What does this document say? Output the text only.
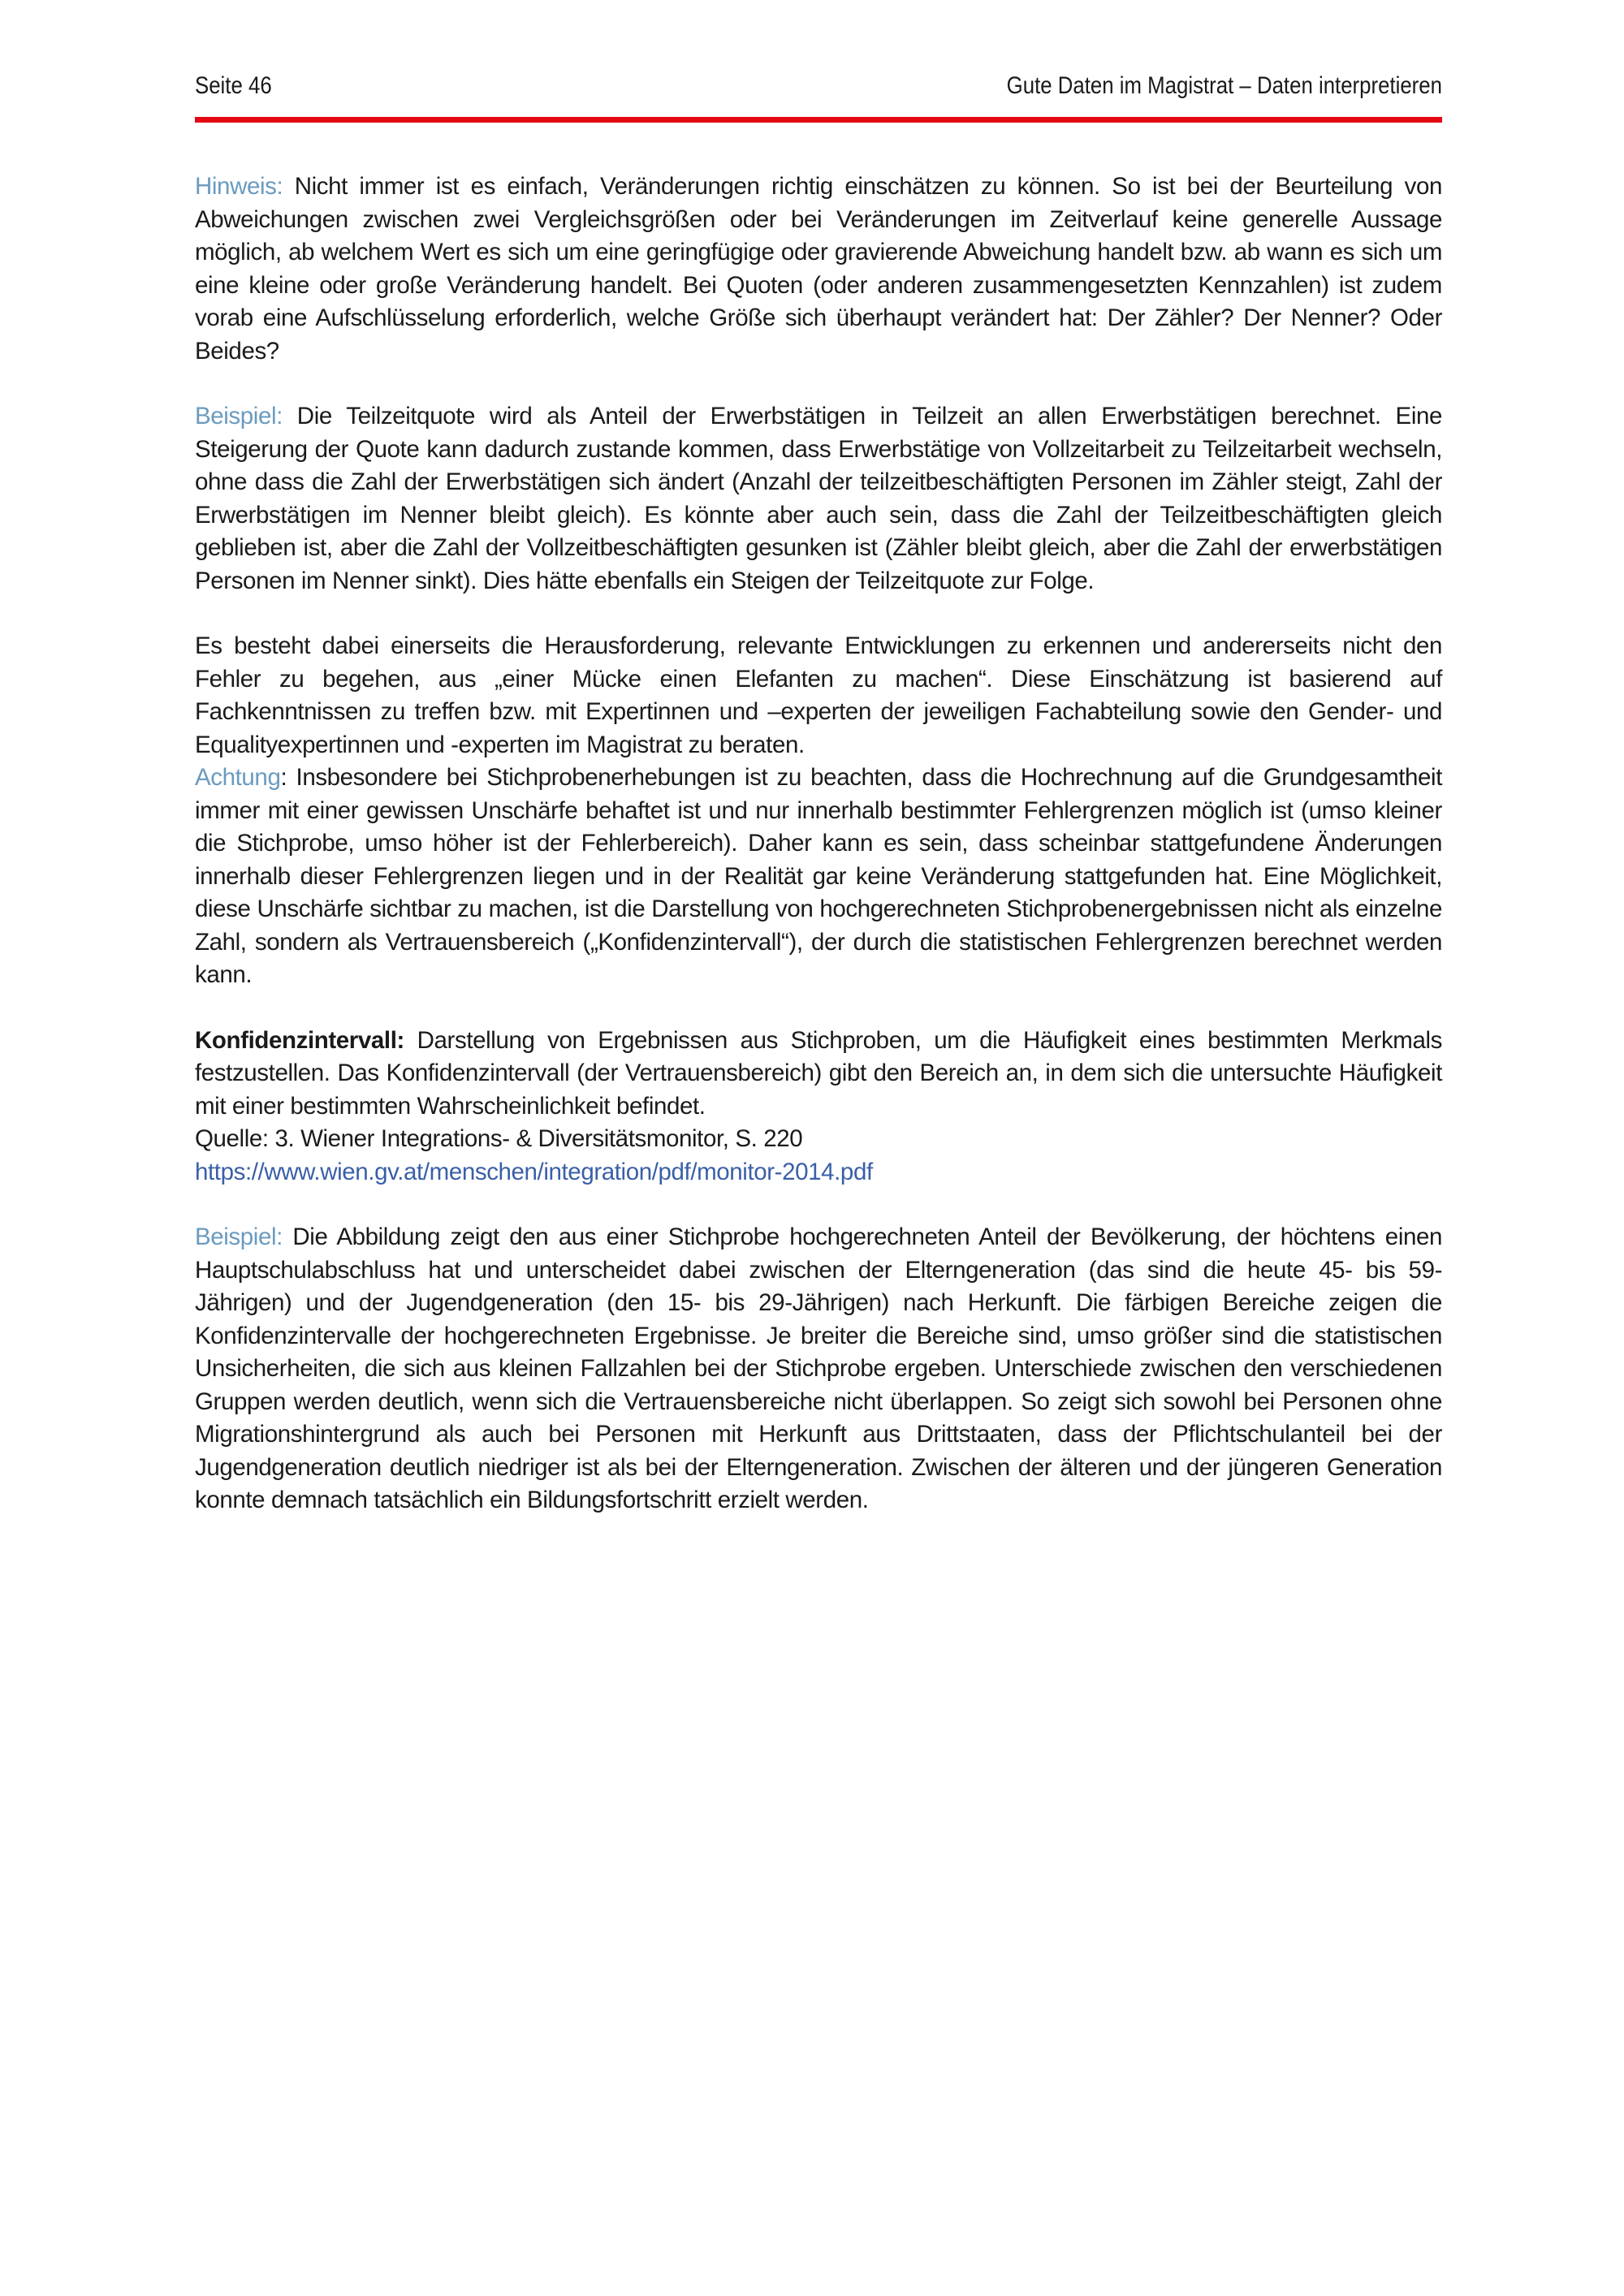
Seite 46	Gute Daten im Magistrat – Daten interpretieren

Hinweis: Nicht immer ist es einfach, Veränderungen richtig einschätzen zu können. So ist bei der Beurteilung von Abweichungen zwischen zwei Vergleichsgrößen oder bei Veränderungen im Zeitverlauf keine generelle Aussage möglich, ab welchem Wert es sich um eine geringfügige oder gravierende Abweichung handelt bzw. ab wann es sich um eine kleine oder große Veränderung handelt. Bei Quoten (oder anderen zusammengesetzten Kennzahlen) ist zudem vorab eine Aufschlüsselung erforderlich, welche Größe sich überhaupt verändert hat: Der Zähler? Der Nenner? Oder Beides?

Beispiel: Die Teilzeitquote wird als Anteil der Erwerbstätigen in Teilzeit an allen Erwerbstätigen berechnet. Eine Steigerung der Quote kann dadurch zustande kommen, dass Erwerbstätige von Vollzeitarbeit zu Teilzeitarbeit wechseln, ohne dass die Zahl der Erwerbstätigen sich ändert (Anzahl der teilzeitbeschäftigten Personen im Zähler steigt, Zahl der Erwerbstätigen im Nenner bleibt gleich). Es könnte aber auch sein, dass die Zahl der Teilzeitbeschäftigten gleich geblieben ist, aber die Zahl der Vollzeitbeschäftigten gesunken ist (Zähler bleibt gleich, aber die Zahl der erwerbstätigen Personen im Nenner sinkt). Dies hätte ebenfalls ein Steigen der Teilzeitquote zur Folge.

Es besteht dabei einerseits die Herausforderung, relevante Entwicklungen zu erkennen und andererseits nicht den Fehler zu begehen, aus „einer Mücke einen Elefanten zu machen“. Diese Einschätzung ist basierend auf Fachkenntnissen zu treffen bzw. mit Expertinnen und –experten der jeweiligen Fachabteilung sowie den Gender- und Equalityexpertinnen und -experten im Magistrat zu beraten.

Achtung: Insbesondere bei Stichprobenerhebungen ist zu beachten, dass die Hochrechnung auf die Grundgesamtheit immer mit einer gewissen Unschärfe behaftet ist und nur innerhalb bestimmter Fehlergrenzen möglich ist (umso kleiner die Stichprobe, umso höher ist der Fehlerbereich). Daher kann es sein, dass scheinbar stattgefundene Änderungen innerhalb dieser Fehlergrenzen liegen und in der Realität gar keine Veränderung stattgefunden hat. Eine Möglichkeit, diese Unschärfe sichtbar zu machen, ist die Darstellung von hochgerechneten Stichprobenergebnissen nicht als einzelne Zahl, sondern als Vertrauensbereich („Konfidenzintervall“), der durch die statistischen Fehlergrenzen berechnet werden kann.

Konfidenzintervall: Darstellung von Ergebnissen aus Stichproben, um die Häufigkeit eines bestimmten Merkmals festzustellen. Das Konfidenzintervall (der Vertrauensbereich) gibt den Bereich an, in dem sich die untersuchte Häufigkeit mit einer bestimmten Wahrscheinlichkeit befindet.
Quelle: 3. Wiener Integrations- & Diversitätsmonitor, S. 220
https://www.wien.gv.at/menschen/integration/pdf/monitor-2014.pdf

Beispiel: Die Abbildung zeigt den aus einer Stichprobe hochgerechneten Anteil der Bevölkerung, der höchtens einen Hauptschulabschluss hat und unterscheidet dabei zwischen der Elterngeneration (das sind die heute 45- bis 59-Jährigen) und der Jugendgeneration (den 15- bis 29-Jährigen) nach Herkunft. Die färbigen Bereiche zeigen die Konfidenzintervalle der hochgerechneten Ergebnisse. Je breiter die Bereiche sind, umso größer sind die statistischen Unsicherheiten, die sich aus kleinen Fallzahlen bei der Stichprobe ergeben. Unterschiede zwischen den verschiedenen Gruppen werden deutlich, wenn sich die Vertrauensbereiche nicht überlappen. So zeigt sich sowohl bei Personen ohne Migrationshintergrund als auch bei Personen mit Herkunft aus Drittstaaten, dass der Pflichtschulanteil bei der Jugendgeneration deutlich niedriger ist als bei der Elterngeneration. Zwischen der älteren und der jüngeren Generation konnte demnach tatsächlich ein Bildungsfortschritt erzielt werden.
